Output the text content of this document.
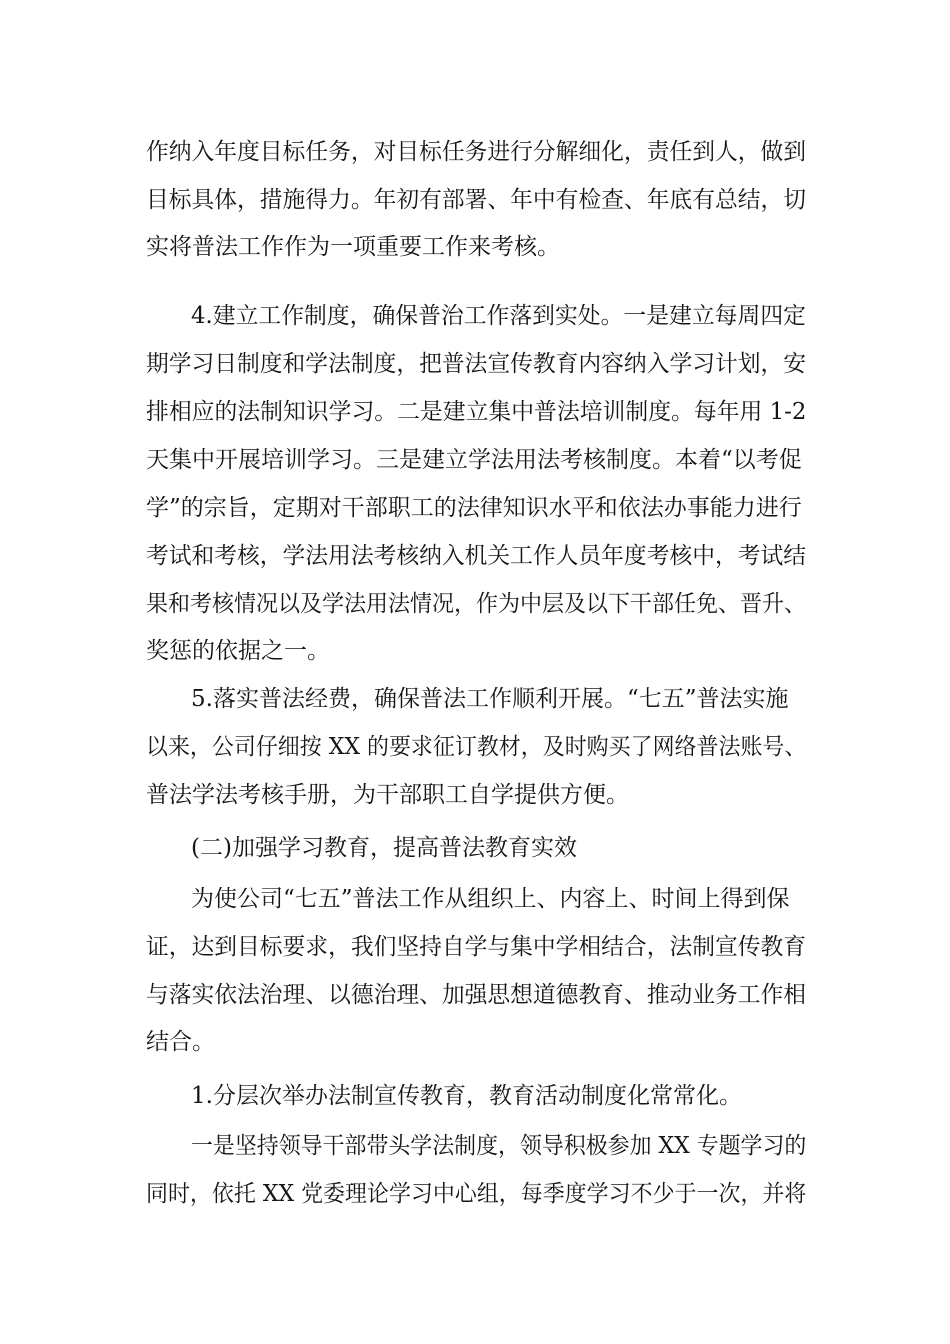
作纳入年度目标任务，对目标任务进行分解细化，责任到人，做到
目标具体，措施得力。年初有部署、年中有检查、年底有总结，切
实将普法工作作为一项重要工作来考核。
4.建立工作制度，确保普治工作落到实处。一是建立每周四定
期学习日制度和学法制度，把普法宣传教育内容纳入学习计划，安
排相应的法制知识学习。二是建立集中普法培训制度。每年用 1-2
天集中开展培训学习。三是建立学法用法考核制度。本着“以考促
学”的宗旨，定期对干部职工的法律知识水平和依法办事能力进行
考试和考核，学法用法考核纳入机关工作人员年度考核中，考试结
果和考核情况以及学法用法情况，作为中层及以下干部任免、晋升、
奖惩的依据之一。
5.落实普法经费，确保普法工作顺利开展。“七五”普法实施
以来，公司仔细按 XX 的要求征订教材，及时购买了网络普法账号、
普法学法考核手册，为干部职工自学提供方便。
(二)加强学习教育，提高普法教育实效
为使公司“七五”普法工作从组织上、内容上、时间上得到保
证，达到目标要求，我们坚持自学与集中学相结合，法制宣传教育
与落实依法治理、以德治理、加强思想道德教育、推动业务工作相
结合。
1.分层次举办法制宣传教育，教育活动制度化常常化。
一是坚持领导干部带头学法制度，领导积极参加 XX 专题学习的
同时，依托 XX 党委理论学习中心组，每季度学习不少于一次，并将
